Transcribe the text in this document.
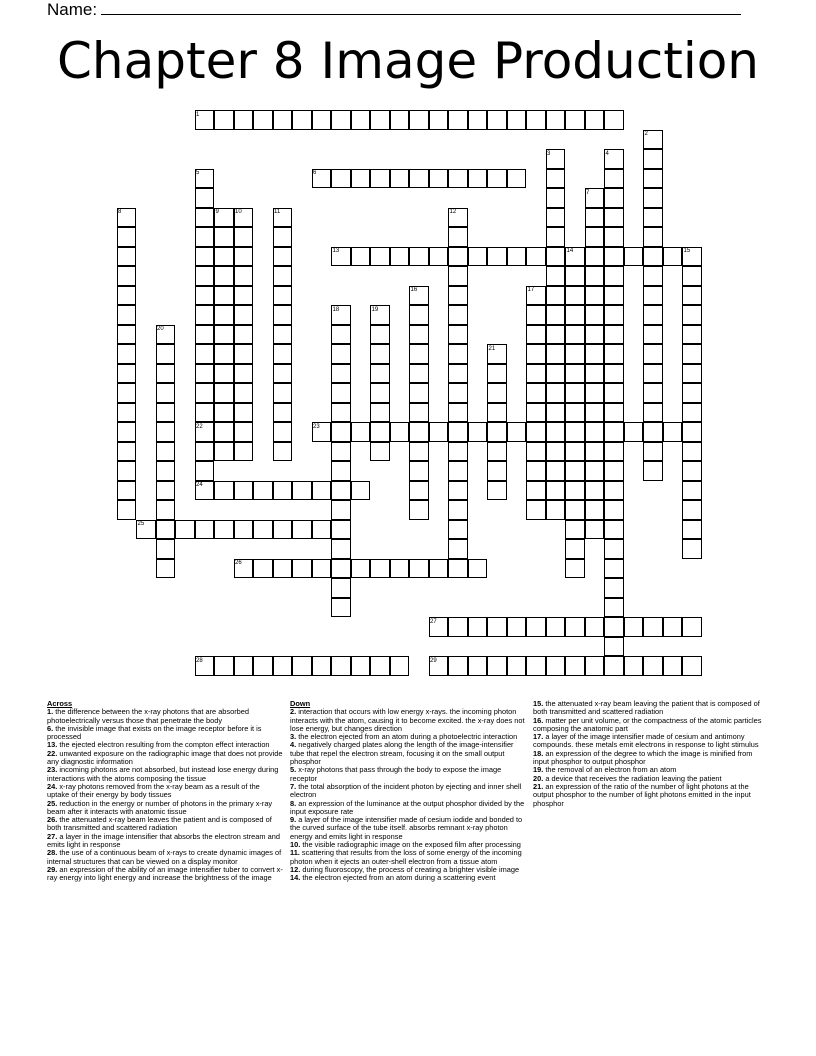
Name:
Chapter 8 Image Production
1
2
3	4
5	6
7
8	9	10	11	12
13	14	15
16	17
18	19
20
21
22	23
24
25
26
27
28	29
Across
1. the difference between the x-ray photons that are absorbed photoelectrically versus those that penetrate the body
6. the invisible image that exists on the image receptor before it is processed
13. the ejected electron resulting from the compton effect interaction
22. unwanted exposure on the radiographic image that does not provide any diagnostic information
23. incoming photons are not absorbed, but instead lose energy during interactions with the atoms composing the tissue
24. x-ray photons removed from the x-ray beam as a result of the uptake of their energy by body tissues
25. reduction in the energy or number of photons in the primary x-ray beam after it interacts with anatomic tissue
26. the attenuated x-ray beam leaves the patient and is composed of both transmitted and scattered radiation
27. a layer in the image intensifier that absorbs the electron stream and emits light in response
28. the use of a continuous beam of x-rays to create dynamic images of internal structures that can be viewed on a display monitor
29. an expression of the ability of an image intensifier tuber to convert x-ray energy into light energy and increase the brightness of the image
Down
2. interaction that occurs with low energy x-rays. the incoming photon interacts with the atom, causing it to become excited. the x-ray does not lose energy, but changes direction
3. the electron ejected from an atom during a photoelectric interaction
4. negatively charged plates along the length of the image-intensifier tube that repel the electron stream, focusing it on the small output phosphor
5. x-ray photons that pass through the body to expose the image receptor
7. the total absorption of the incident photon by ejecting and inner shell electron
8. an expression of the luminance at the output phosphor divided by the input exposure rate
9. a layer of the image intensifier made of cesium iodide and bonded to the curved surface of the tube itself. absorbs remnant x-ray photon energy and emits light in response
10. the visible radiographic image on the exposed film after processing
11. scattering that results from the loss of some energy of the incoming photon when it ejects an outer-shell electron from a tissue atom
12. during fluoroscopy, the process of creating a brighter visible image
14. the electron ejected from an atom during a scattering event
15. the attenuated x-ray beam leaving the patient that is composed of both transmitted and scattered radiation
16. matter per unit volume, or the compactness of the atomic particles composing the anatomic part
17. a layer of the image intensifier made of cesium and antimony compounds. these metals emit electrons in response to light stimulus
18. an expression of the degree to which the image is minified from input phosphor to output phosphor
19. the removal of an electron from an atom
20. a device that receives the radiation leaving the patient
21. an expression of the ratio of the number of light photons at the output phosphor to the number of light photons emitted in the input phosphor
